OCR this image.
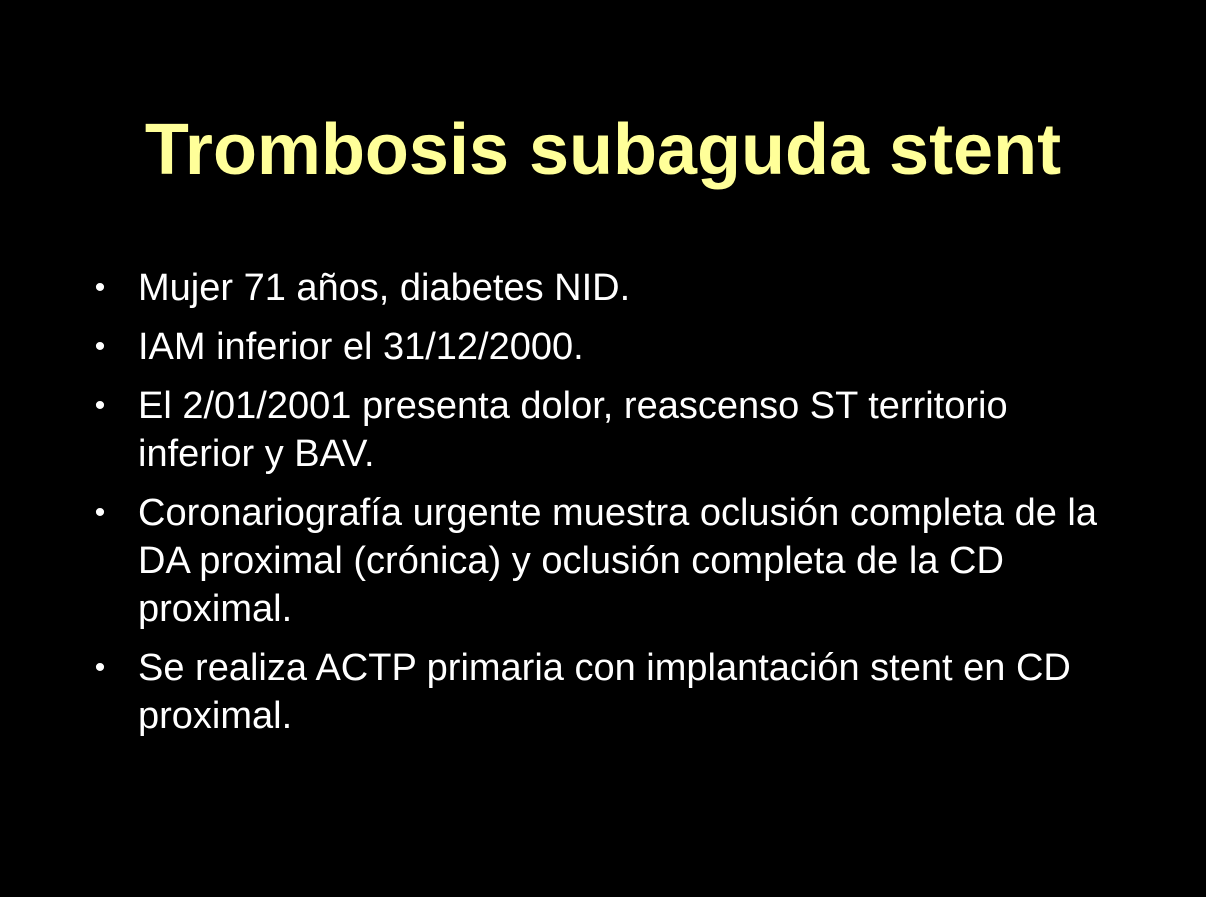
Trombosis subaguda stent
• Mujer 71 años, diabetes NID.
• IAM inferior el 31/12/2000.
• El 2/01/2001 presenta dolor, reascenso ST territorio inferior y BAV.
• Coronariografía urgente muestra oclusión completa de la DA proximal (crónica) y oclusión completa de la CD proximal.
• Se realiza ACTP primaria con implantación stent en CD proximal.
